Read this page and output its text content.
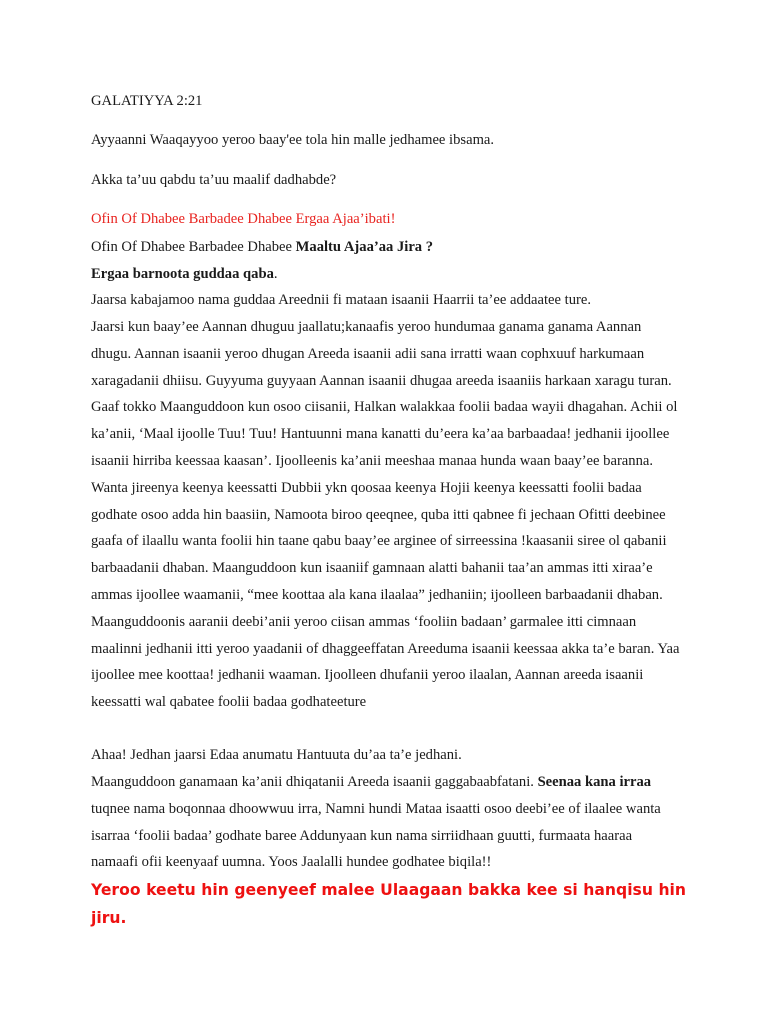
GALATIYYA 2:21
Ayyaanni Waaqayyoo yeroo baay'ee tola hin malle jedhamee ibsama.
Akka ta’uu qabdu ta’uu maalif dadhabde?
Ofin Of Dhabee Barbadee Dhabee Ergaa Ajaa’ibati!
Ofin Of Dhabee Barbadee Dhabee Maaltu Ajaa’aa Jira ?
Ergaa barnoota guddaa qaba.
Jaarsa kabajamoo nama guddaa Areednii fi mataan isaanii Haarrii ta’ee addaatee ture.
Jaarsi kun baay’ee Aannan dhuguu jaallatu;kanaafis yeroo hundumaa ganama ganama Aannan dhugu. Aannan isaanii yeroo dhugan Areeda isaanii adii sana irratti waan cophxuuf harkumaan xaragadanii dhiisu. Guyyuma guyyaan Aannan isaanii dhugaa areeda isaaniis harkaan xaragu turan. Gaaf tokko Maanguddoon kun osoo ciisanii, Halkan walakkaa foolii badaa wayii dhagahan. Achii ol ka’anii, ‘Maal ijoolle Tuu! Tuu! Hantuunni mana kanatti du’eera ka’aa barbaadaa! jedhanii ijoollee isaanii hirriba keessaa kaasan’. Ijoolleenis ka’anii meeshaa manaa hunda waan baay’ee baranna. Wanta jireenya keenya keessatti Dubbii ykn qoosaa keenya Hojii keenya keessatti foolii badaa godhate osoo adda hin baasiin, Namoota biroo qeeqnee, quba itti qabnee fi jechaan Ofitti deebinee gaafa of ilaallu wanta foolii hin taane qabu baay’ee arginee of sirreessina !kaasanii siree ol qabanii barbaadanii dhaban. Maanguddoon kun isaaniif gamnaan alatti bahanii taa’an ammas itti xiraa’e ammas ijoollee waamanii, “mee koottaa ala kana ilaalaa” jedhaniin; ijoolleen barbaadanii dhaban. Maanguddoonis aaranii deebi’anii yeroo ciisan ammas ‘fooliin badaan’ garmalee itti cimnaan maalinni jedhanii itti yeroo yaadanii of dhaggeeffatan Areeduma isaanii keessaa akka ta’e baran. Yaa ijoollee mee koottaa! jedhanii waaman. Ijoolleen dhufanii yeroo ilaalan, Aannan areeda isaanii keessatti wal qabatee foolii badaa godhateeture
Ahaa! Jedhan jaarsi Edaa anumatu Hantuuta du’aa ta’e jedhani.
Maanguddoon ganamaan ka’anii dhiqatanii Areeda isaanii gaggabaabfatani. Seenaa kana irraa tuqnee nama boqonnaa dhoowwuu irra, Namni hundi Mataa isaatti osoo deebi’ee of ilaalee wanta isarraa ‘foolii badaa’ godhate baree Addunyaan kun nama sirriidhaan guutti, furmaata haaraa namaafi ofii keenyaaf uumna. Yoos Jaalalli hundee godhatee biqila!!
Yeroo keetu hin geenyeef malee Ulaagaan bakka kee si hanqisu hin jiru.
